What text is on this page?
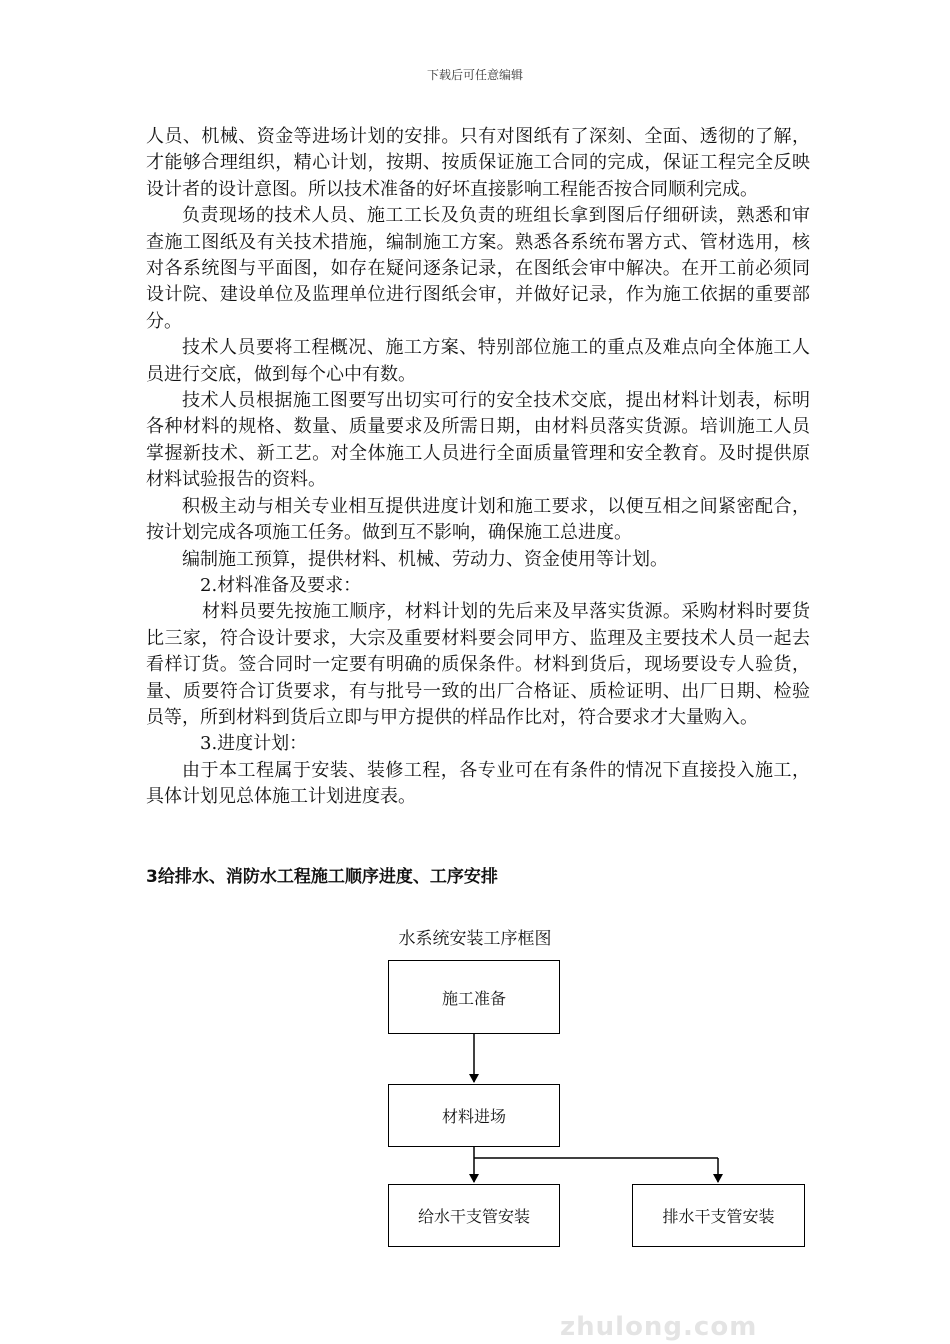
下载后可任意编辑

人员、机械、资金等进场计划的安排。只有对图纸有了深刻、全面、透彻的了解，才能够合理组织，精心计划，按期、按质保证施工合同的完成，保证工程完全反映设计者的设计意图。所以技术准备的好坏直接影响工程能否按合同顺利完成。

负责现场的技术人员、施工工长及负责的班组长拿到图后仔细研读，熟悉和审查施工图纸及有关技术措施，编制施工方案。熟悉各系统布署方式、管材选用，核对各系统图与平面图，如存在疑问逐条记录，在图纸会审中解决。在开工前必须同设计院、建设单位及监理单位进行图纸会审，并做好记录，作为施工依据的重要部分。

技术人员要将工程概况、施工方案、特别部位施工的重点及难点向全体施工人员进行交底，做到每个心中有数。

技术人员根据施工图要写出切实可行的安全技术交底，提出材料计划表，标明各种材料的规格、数量、质量要求及所需日期，由材料员落实货源。培训施工人员掌握新技术、新工艺。对全体施工人员进行全面质量管理和安全教育。及时提供原材料试验报告的资料。

积极主动与相关专业相互提供进度计划和施工要求，以便互相之间紧密配合，按计划完成各项施工任务。做到互不影响，确保施工总进度。

编制施工预算，提供材料、机械、劳动力、资金使用等计划。

2.材料准备及要求：

材料员要先按施工顺序，材料计划的先后来及早落实货源。采购材料时要货比三家，符合设计要求，大宗及重要材料要会同甲方、监理及主要技术人员一起去看样订货。签合同时一定要有明确的质保条件。材料到货后，现场要设专人验货，量、质要符合订货要求，有与批号一致的出厂合格证、质检证明、出厂日期、检验员等，所到材料到货后立即与甲方提供的样品作比对，符合要求才大量购入。

3.进度计划：

由于本工程属于安装、装修工程，各专业可在有条件的情况下直接投入施工，具体计划见总体施工计划进度表。

3给排水、消防水工程施工顺序进度、工序安排
水系统安装工序框图
施工准备
材料进场
给水干支管安装	排水干支管安装
zhulong.com
